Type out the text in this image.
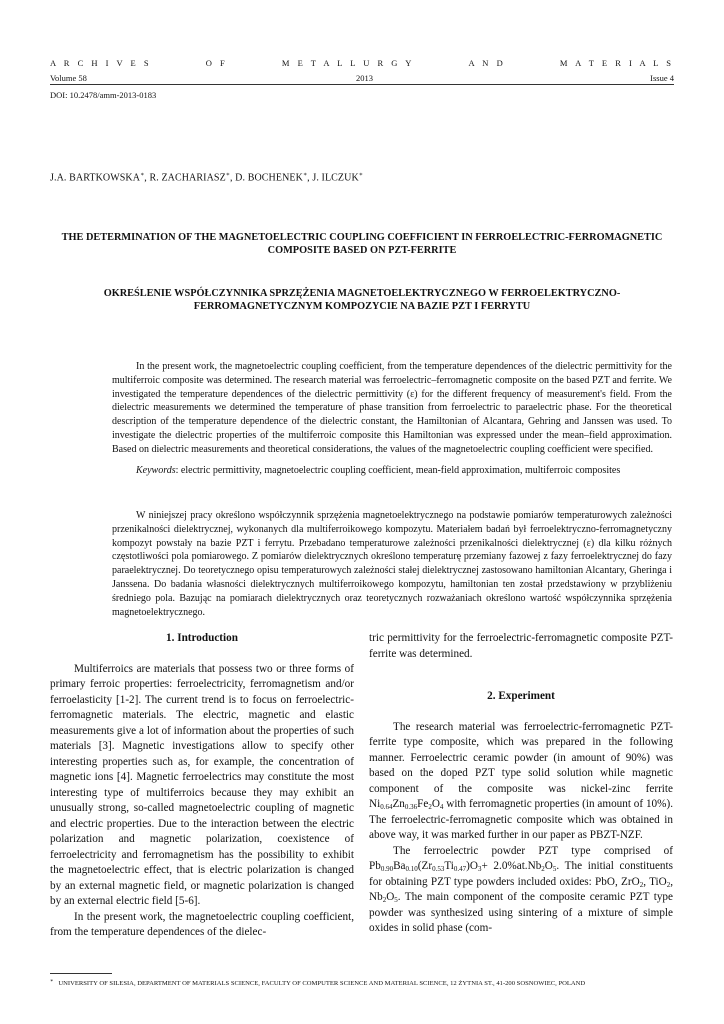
A R C H I V E S	O F	M E T A L L U R G Y	A N D	M A T E R I A L S
Volume 58	2013	Issue 4
DOI: 10.2478/amm-2013-0183
J.A. BARTKOWSKA∗, R. ZACHARIASZ∗, D. BOCHENEK∗, J. ILCZUK∗
THE DETERMINATION OF THE MAGNETOELECTRIC COUPLING COEFFICIENT IN FERROELECTRIC-FERROMAGNETIC COMPOSITE BASED ON PZT-FERRITE
OKREŚLENIE WSPÓŁCZYNNIKA SPRZĘŻENIA MAGNETOELEKTRYCZNEGO W FERROELEKTRYCZNO-FERROMAGNETYCZNYM KOMPOZYCIE NA BAZIE PZT I FERRYTU

In the present work, the magnetoelectric coupling coefficient, from the temperature dependences of the dielectric permittivity for the multiferroic composite was determined. The research material was ferroelectric–ferromagnetic composite on the based PZT and ferrite. We investigated the temperature dependences of the dielectric permittivity (ε) for the different frequency of measurement's field. From the dielectric measurements we determined the temperature of phase transition from ferroelectric to paraelectric phase. For the theoretical description of the temperature dependence of the dielectric constant, the Hamiltonian of Alcantara, Gehring and Janssen was used. To investigate the dielectric properties of the multiferroic composite this Hamiltonian was expressed under the mean–field approximation. Based on dielectric measurements and theoretical considerations, the values of the magnetoelectric coupling coefficient were specified.

Keywords: electric permittivity, magnetoelectric coupling coefficient, mean-field approximation, multiferroic composites

W niniejszej pracy określono współczynnik sprzężenia magnetoelektrycznego na podstawie pomiarów temperaturowych zależności przenikalności dielektrycznej, wykonanych dla multiferroikowego kompozytu. Materiałem badań był ferroelektryczno-ferromagnetyczny kompozyt powstały na bazie PZT i ferrytu. Przebadano temperaturowe zależności przenikalności dielektrycznej (ε) dla kilku różnych częstotliwości pola pomiarowego. Z pomiarów dielektrycznych określono temperaturę przemiany fazowej z fazy ferroelektrycznej do fazy paraelektrycznej. Do teoretycznego opisu temperaturowych zależności stałej dielektrycznej zastosowano hamiltonian Alcantary, Gheringa i Janssena. Do badania własności dielektrycznych multiferroikowego kompozytu, hamiltonian ten został przedstawiony w przybliżeniu średniego pola. Bazując na pomiarach dielektrycznych oraz teoretycznych rozważaniach określono wartość współczynnika sprzężenia magnetoelektrycznego.

1. Introduction

Multiferroics are materials that possess two or three forms of primary ferroic properties: ferroelectricity, ferromagnetism and/or ferroelasticity [1-2]. The current trend is to focus on ferroelectric-ferromagnetic materials. The electric, magnetic and elastic measurements give a lot of information about the properties of such materials [3]. Magnetic investigations allow to specify other interesting properties such as, for example, the concentration of magnetic ions [4]. Magnetic ferroelectrics may constitute the most interesting type of multiferroics because they may exhibit an unusually strong, so-called magnetoelectric coupling of magnetic and electric properties. Due to the interaction between the electric polarization and magnetic polarization, coexistence of ferroelectricity and ferromagnetism has the possibility to exhibit the magnetoelectric effect, that is electric polarization is changed by an external magnetic field, or magnetic polarization is changed by an external electric field [5-6].

In the present work, the magnetoelectric coupling coefficient, from the temperature dependences of the dielec-

tric permittivity for the ferroelectric-ferromagnetic composite PZT-ferrite was determined.

2. Experiment

The research material was ferroelectric-ferromagnetic PZT-ferrite type composite, which was prepared in the following manner. Ferroelectric ceramic powder (in amount of 90%) was based on the doped PZT type solid solution while magnetic component of the composite was nickel-zinc ferrite $Ni_{0.64}Zn_{0.36}Fe_2O_4$ with ferromagnetic properties (in amount of 10%). The ferroelectric-ferromagnetic composite which was obtained in above way, it was marked further in our paper as PBZT-NZF.

The ferroelectric powder PZT type comprised of $Pb_{0.90}Ba_{0.10}(Zr_{0.53}Ti_{0.47})O_3+ 2.0\%at.Nb_2O_5$. The initial constituents for obtaining PZT type powders included oxides: PbO, ZrO$_2$, TiO$_2$, $Nb_2O_5$. The main component of the composite ceramic PZT type powder was synthesized using sintering of a mixture of simple oxides in solid phase (com-

∗ UNIVERSITY OF SILESIA, DEPARTMENT OF MATERIALS SCIENCE, FACULTY OF COMPUTER SCIENCE AND MATERIAL SCIENCE, 12 ŻYTNIA ST., 41-200 SOSNOWIEC, POLAND
